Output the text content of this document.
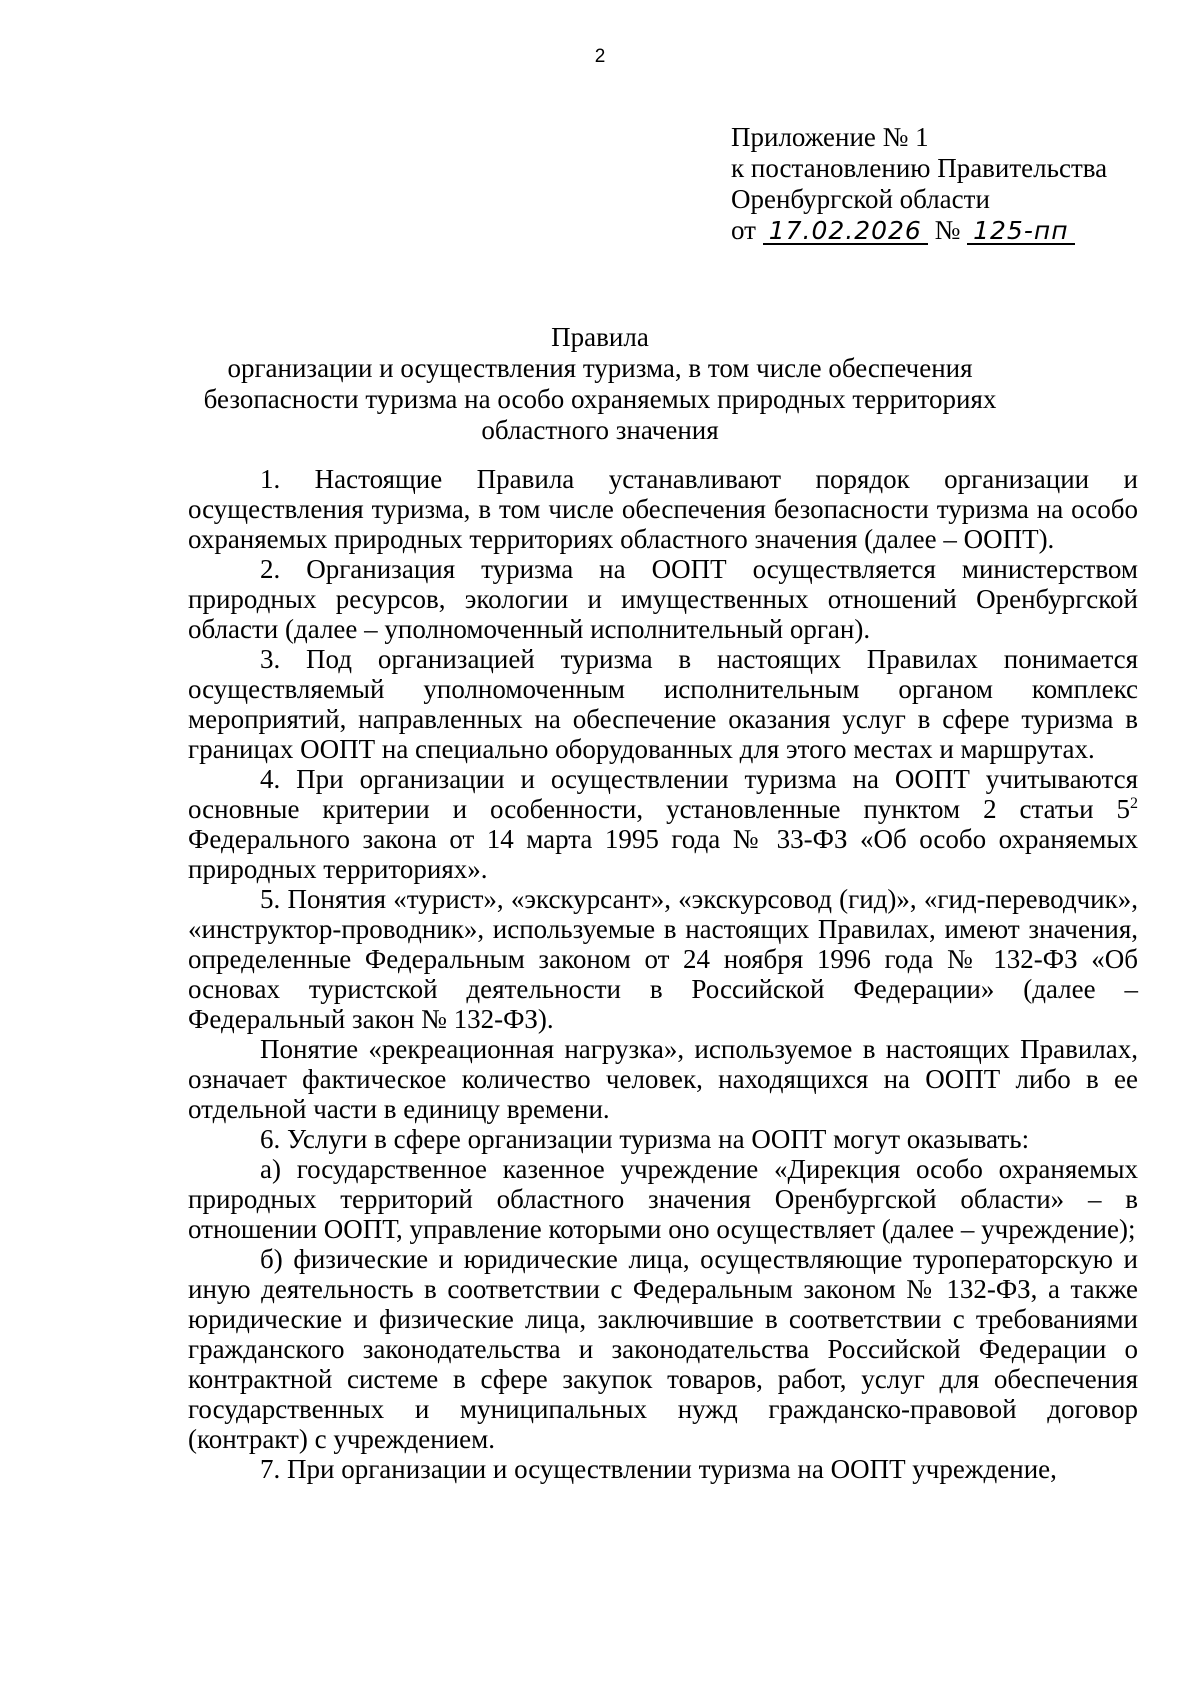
2
Приложение № 1
к постановлению Правительства
Оренбургской области
от 17.02.2026 № 125-пп
Правила
организации и осуществления туризма, в том числе обеспечения
безопасности туризма на особо охраняемых природных территориях
областного значения

1. Настоящие Правила устанавливают порядок организации и осуществления туризма, в том числе обеспечения безопасности туризма на особо охраняемых природных территориях областного значения (далее – ООПТ).

2. Организация туризма на ООПТ осуществляется министерством природных ресурсов, экологии и имущественных отношений Оренбургской области (далее – уполномоченный исполнительный орган).

3. Под организацией туризма в настоящих Правилах понимается осуществляемый уполномоченным исполнительным органом комплекс мероприятий, направленных на обеспечение оказания услуг в сфере туризма в границах ООПТ на специально оборудованных для этого местах и маршрутах.

4. При организации и осуществлении туризма на ООПТ учитываются основные критерии и особенности, установленные пунктом 2 статьи $5^2$ Федерального закона от 14 марта 1995 года № 33-ФЗ «Об особо охраняемых природных территориях».

5. Понятия «турист», «экскурсант», «экскурсовод (гид)», «гид-переводчик», «инструктор-проводник», используемые в настоящих Правилах, имеют значения, определенные Федеральным законом от 24 ноября 1996 года № 132-ФЗ «Об основах туристской деятельности в Российской Федерации» (далее – Федеральный закон № 132-ФЗ).

Понятие «рекреационная нагрузка», используемое в настоящих Правилах, означает фактическое количество человек, находящихся на ООПТ либо в ее отдельной части в единицу времени.

6. Услуги в сфере организации туризма на ООПТ могут оказывать:

а) государственное казенное учреждение «Дирекция особо охраняемых природных территорий областного значения Оренбургской области» – в отношении ООПТ, управление которыми оно осуществляет (далее – учреждение);

б) физические и юридические лица, осуществляющие туроператорскую и иную деятельность в соответствии с Федеральным законом № 132-ФЗ, а также юридические и физические лица, заключившие в соответствии с требованиями гражданского законодательства и законодательства Российской Федерации о контрактной системе в сфере закупок товаров, работ, услуг для обеспечения государственных и муниципальных нужд гражданско-правовой договор (контракт) с учреждением.

7. При организации и осуществлении туризма на ООПТ учреждение,
